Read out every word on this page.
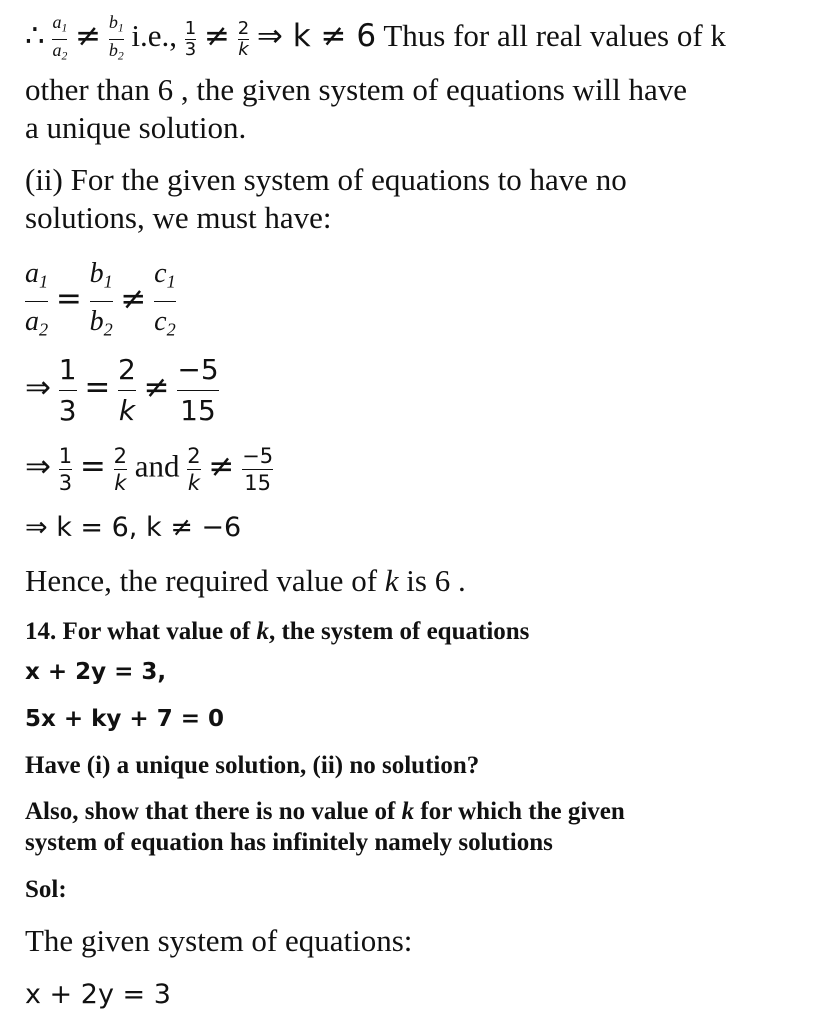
∴ $\frac{a_1}{a_2} \ne \frac{b_1}{b_2} i.e$., $\frac{1}{3} \ne \frac{2}{k}$ ⇒ k ≠ 6 Thus for all real values of k
other than 6 , the given system of equations will have
a unique solution.
(ii) For the given system of equations to have no
solutions, we must have:
$\frac{a_1}{a_2} = \frac{b_1}{b_2} \ne \frac{c_1}{c_2}$
⇒ $\frac{1}{3} = \frac{2}{k} \ne \frac{-5}{15}$
⇒ $\frac{1}{3} = \frac{2}{k}$ and $\frac{2}{k} \ne \frac{-5}{15}$
⇒ k = 6, k ≠ −6
Hence, the required value of k is 6 .
14. For what value of k, the system of equations
x + 2y = 3,
5x + ky + 7 = 0
Have (i) a unique solution, (ii) no solution?
Also, show that there is no value of k for which the given
system of equation has infinitely namely solutions
Sol:
The given system of equations:
x + 2y = 3
